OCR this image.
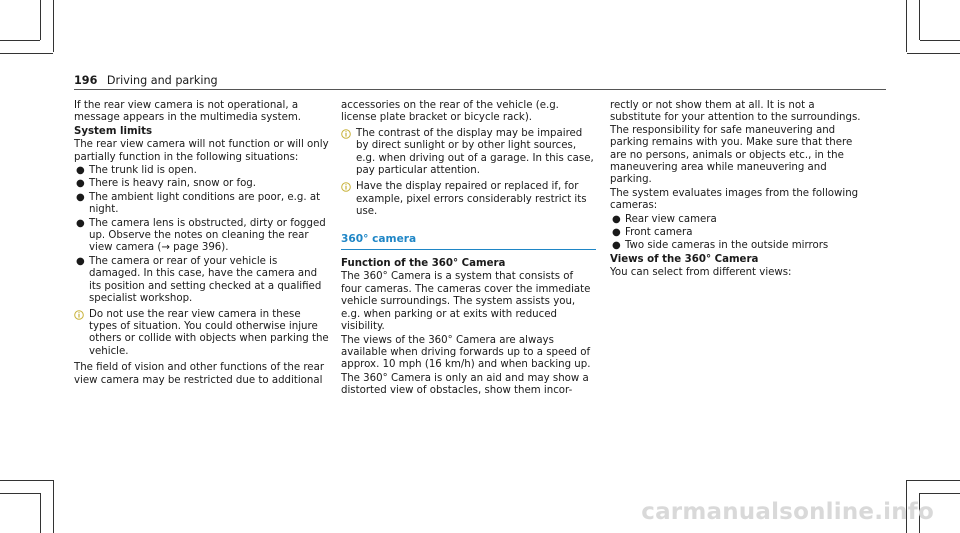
196 Driving and parking

If the rear view camera is not operational, a message appears in the multimedia system.

System limits

The rear view camera will not function or will only partially function in the following situations:

● The trunk lid is open.
● There is heavy rain, snow or fog.
● The ambient light conditions are poor, e.g. at night.
● The camera lens is obstructed, dirty or fogged up. Observe the notes on cleaning the rear view camera (→ page 396).
● The camera or rear of your vehicle is damaged. In this case, have the camera and its position and setting checked at a qualified specialist workshop.
Do not use the rear view camera in these types of situation. You could otherwise injure others or collide with objects when parking the vehicle.

The field of vision and other functions of the rear view camera may be restricted due to additional

accessories on the rear of the vehicle (e.g. license plate bracket or bicycle rack).

The contrast of the display may be impaired by direct sunlight or by other light sources, e.g. when driving out of a garage. In this case, pay particular attention.
Have the display repaired or replaced if, for example, pixel errors considerably restrict its use.
360° camera

Function of the 360° Camera

The 360° Camera is a system that consists of four cameras. The cameras cover the immediate vehicle surroundings. The system assists you, e.g. when parking or at exits with reduced visibility.

The views of the 360° Camera are always available when driving forwards up to a speed of approx. 10 mph (16 km/h) and when backing up.

The 360° Camera is only an aid and may show a distorted view of obstacles, show them incor-

rectly or not show them at all. It is not a substitute for your attention to the surroundings. The responsibility for safe maneuvering and parking remains with you. Make sure that there are no persons, animals or objects etc., in the maneuvering area while maneuvering and parking.

The system evaluates images from the following cameras:

● Rear view camera
● Front camera
● Two side cameras in the outside mirrors

Views of the 360° Camera

You can select from different views:

carmanualsonline.info
